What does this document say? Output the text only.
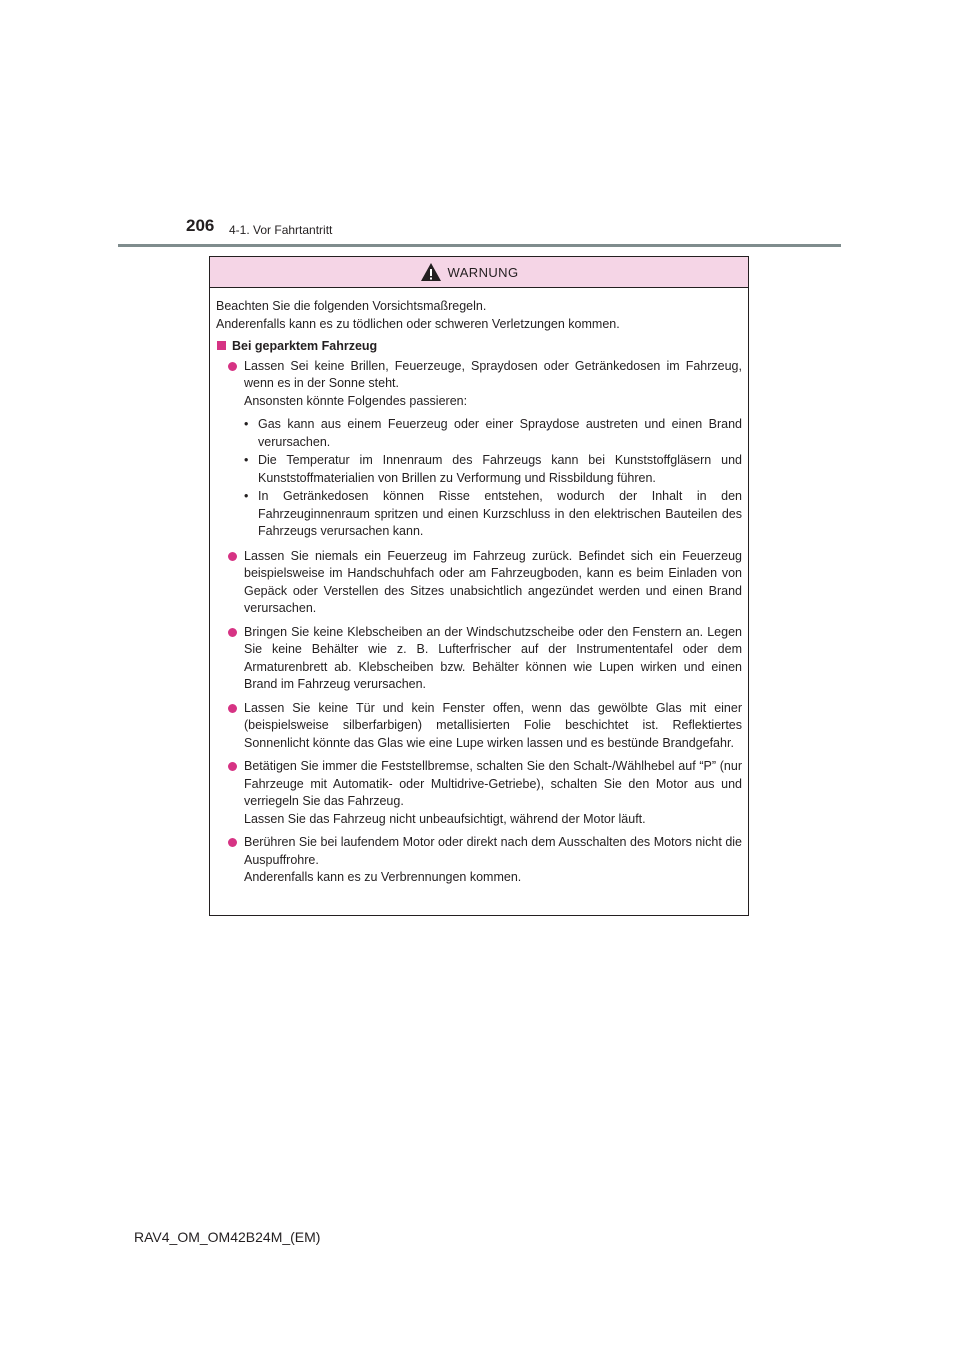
206 4-1. Vor Fahrtantritt
WARNUNG

Beachten Sie die folgenden Vorsichtsmaßregeln.
Anderenfalls kann es zu tödlichen oder schweren Verletzungen kommen.

Bei geparktem Fahrzeug
Lassen Sei keine Brillen, Feuerzeuge, Spraydosen oder Getränkedosen im Fahrzeug, wenn es in der Sonne steht.
Ansonsten könnte Folgendes passieren:
• Gas kann aus einem Feuerzeug oder einer Spraydose austreten und einen Brand verursachen.
• Die Temperatur im Innenraum des Fahrzeugs kann bei Kunststoffgläsern und Kunststoffmaterialien von Brillen zu Verformung und Rissbildung führen.
• In Getränkedosen können Risse entstehen, wodurch der Inhalt in den Fahrzeuginnenraum spritzen und einen Kurzschluss in den elektrischen Bauteilen des Fahrzeugs verursachen kann.
Lassen Sie niemals ein Feuerzeug im Fahrzeug zurück. Befindet sich ein Feuerzeug beispielsweise im Handschuhfach oder am Fahrzeugboden, kann es beim Einladen von Gepäck oder Verstellen des Sitzes unabsichtlich angezündet werden und einen Brand verursachen.
Bringen Sie keine Klebscheiben an der Windschutzscheibe oder den Fenstern an. Legen Sie keine Behälter wie z. B. Lufterfrischer auf der Instrumententafel oder dem Armaturenbrett ab. Klebscheiben bzw. Behälter können wie Lupen wirken und einen Brand im Fahrzeug verursachen.
Lassen Sie keine Tür und kein Fenster offen, wenn das gewölbte Glas mit einer (beispielsweise silberfarbigen) metallisierten Folie beschichtet ist. Reflektiertes Sonnenlicht könnte das Glas wie eine Lupe wirken lassen und es bestünde Brandgefahr.
Betätigen Sie immer die Feststellbremse, schalten Sie den Schalt-/Wählhebel auf “P” (nur Fahrzeuge mit Automatik- oder Multidrive-Getriebe), schalten Sie den Motor aus und verriegeln Sie das Fahrzeug.
Lassen Sie das Fahrzeug nicht unbeaufsichtigt, während der Motor läuft.
Berühren Sie bei laufendem Motor oder direkt nach dem Ausschalten des Motors nicht die Auspuffrohre.
Anderenfalls kann es zu Verbrennungen kommen.
RAV4_OM_OM42B24M_(EM)
